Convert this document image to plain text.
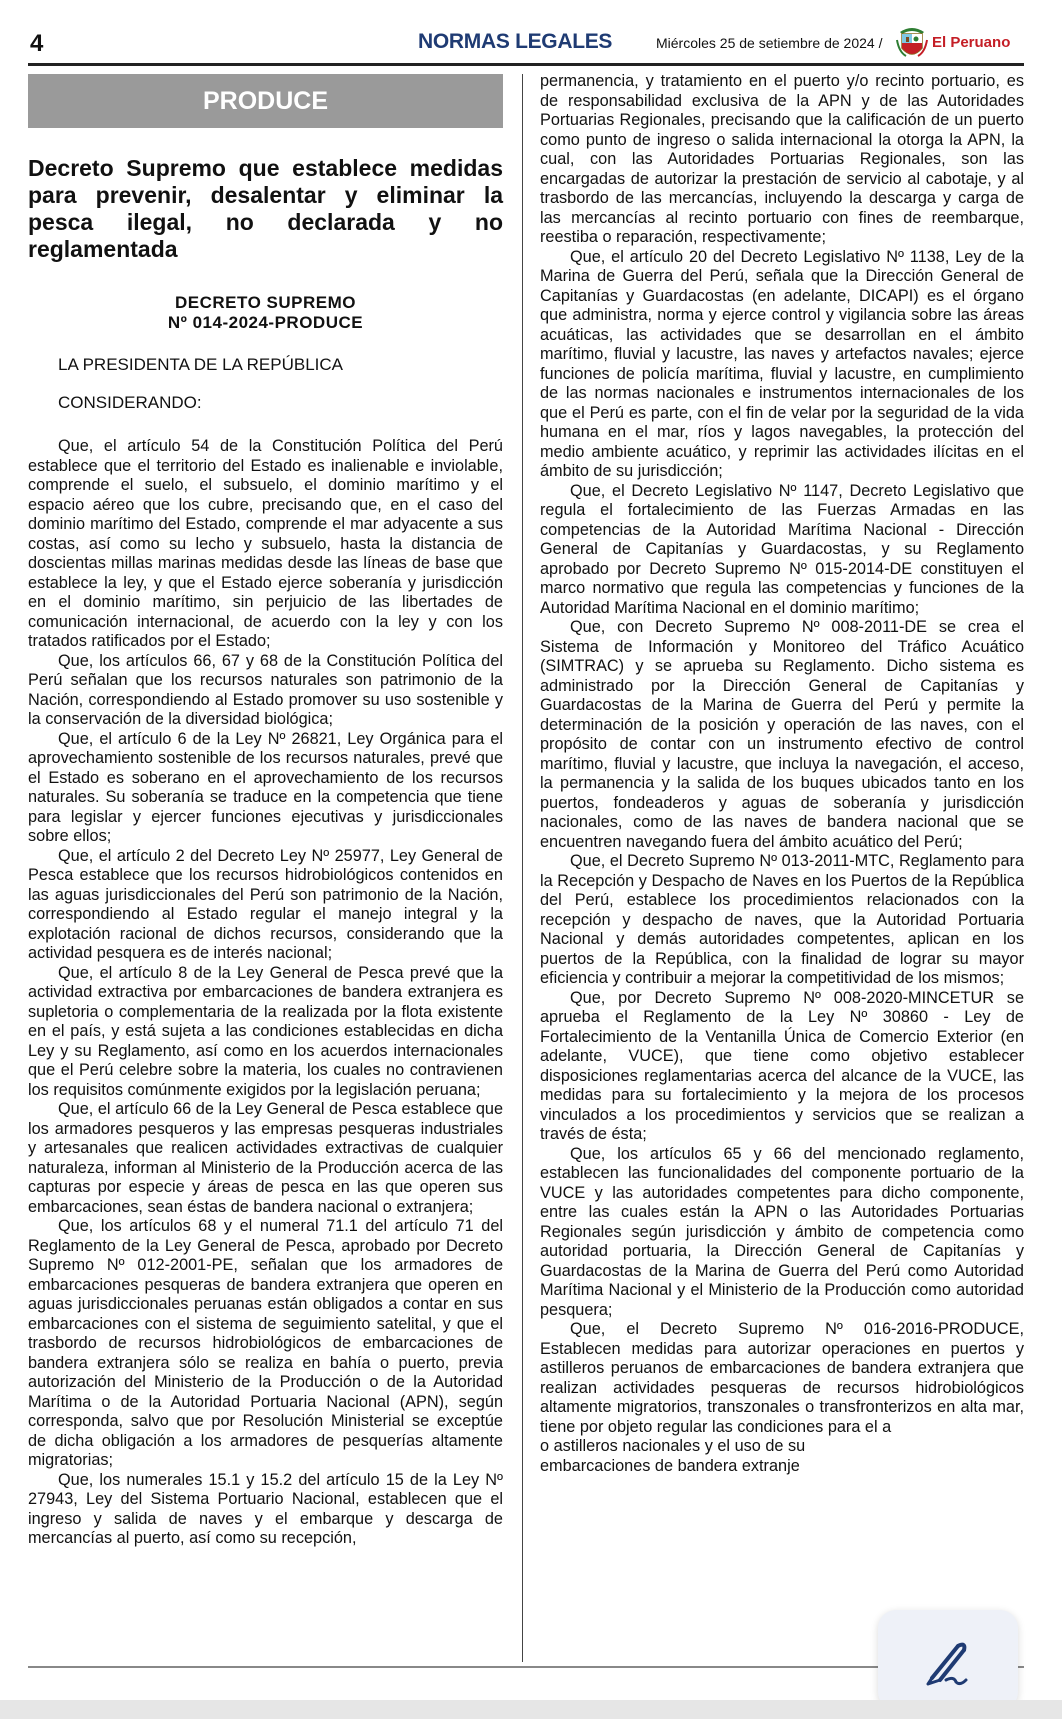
4	NORMAS LEGALES	Miércoles 25 de setiembre de 2024 /	El Peruano
PRODUCE
Decreto Supremo que establece medidas para prevenir, desalentar y eliminar la pesca ilegal, no declarada y no reglamentada
DECRETO SUPREMO
Nº 014-2024-PRODUCE
LA PRESIDENTA DE LA REPÚBLICA
CONSIDERANDO:

Que, el artículo 54 de la Constitución Política del Perú establece que el territorio del Estado es inalienable e inviolable, comprende el suelo, el subsuelo, el dominio marítimo y el espacio aéreo que los cubre, precisando que, en el caso del dominio marítimo del Estado, comprende el mar adyacente a sus costas, así como su lecho y subsuelo, hasta la distancia de doscientas millas marinas medidas desde las líneas de base que establece la ley, y que el Estado ejerce soberanía y jurisdicción en el dominio marítimo, sin perjuicio de las libertades de comunicación internacional, de acuerdo con la ley y con los tratados ratificados por el Estado;

Que, los artículos 66, 67 y 68 de la Constitución Política del Perú señalan que los recursos naturales son patrimonio de la Nación, correspondiendo al Estado promover su uso sostenible y la conservación de la diversidad biológica;

Que, el artículo 6 de la Ley Nº 26821, Ley Orgánica para el aprovechamiento sostenible de los recursos naturales, prevé que el Estado es soberano en el aprovechamiento de los recursos naturales. Su soberanía se traduce en la competencia que tiene para legislar y ejercer funciones ejecutivas y jurisdiccionales sobre ellos;

Que, el artículo 2 del Decreto Ley Nº 25977, Ley General de Pesca establece que los recursos hidrobiológicos contenidos en las aguas jurisdiccionales del Perú son patrimonio de la Nación, correspondiendo al Estado regular el manejo integral y la explotación racional de dichos recursos, considerando que la actividad pesquera es de interés nacional;

Que, el artículo 8 de la Ley General de Pesca prevé que la actividad extractiva por embarcaciones de bandera extranjera es supletoria o complementaria de la realizada por la flota existente en el país, y está sujeta a las condiciones establecidas en dicha Ley y su Reglamento, así como en los acuerdos internacionales que el Perú celebre sobre la materia, los cuales no contravienen los requisitos comúnmente exigidos por la legislación peruana;

Que, el artículo 66 de la Ley General de Pesca establece que los armadores pesqueros y las empresas pesqueras industriales y artesanales que realicen actividades extractivas de cualquier naturaleza, informan al Ministerio de la Producción acerca de las capturas por especie y áreas de pesca en las que operen sus embarcaciones, sean éstas de bandera nacional o extranjera;

Que, los artículos 68 y el numeral 71.1 del artículo 71 del Reglamento de la Ley General de Pesca, aprobado por Decreto Supremo Nº 012-2001-PE, señalan que los armadores de embarcaciones pesqueras de bandera extranjera que operen en aguas jurisdiccionales peruanas están obligados a contar en sus embarcaciones con el sistema de seguimiento satelital, y que el trasbordo de recursos hidrobiológicos de embarcaciones de bandera extranjera sólo se realiza en bahía o puerto, previa autorización del Ministerio de la Producción o de la Autoridad Marítima o de la Autoridad Portuaria Nacional (APN), según corresponda, salvo que por Resolución Ministerial se exceptúe de dicha obligación a los armadores de pesquerías altamente migratorias;

Que, los numerales 15.1 y 15.2 del artículo 15 de la Ley Nº 27943, Ley del Sistema Portuario Nacional, establecen que el ingreso y salida de naves y el embarque y descarga de mercancías al puerto, así como su recepción,

permanencia, y tratamiento en el puerto y/o recinto portuario, es de responsabilidad exclusiva de la APN y de las Autoridades Portuarias Regionales, precisando que la calificación de un puerto como punto de ingreso o salida internacional la otorga la APN, la cual, con las Autoridades Portuarias Regionales, son las encargadas de autorizar la prestación de servicio al cabotaje, y al trasbordo de las mercancías, incluyendo la descarga y carga de las mercancías al recinto portuario con fines de reembarque, reestiba o reparación, respectivamente;

Que, el artículo 20 del Decreto Legislativo Nº 1138, Ley de la Marina de Guerra del Perú, señala que la Dirección General de Capitanías y Guardacostas (en adelante, DICAPI) es el órgano que administra, norma y ejerce control y vigilancia sobre las áreas acuáticas, las actividades que se desarrollan en el ámbito marítimo, fluvial y lacustre, las naves y artefactos navales; ejerce funciones de policía marítima, fluvial y lacustre, en cumplimiento de las normas nacionales e instrumentos internacionales de los que el Perú es parte, con el fin de velar por la seguridad de la vida humana en el mar, ríos y lagos navegables, la protección del medio ambiente acuático, y reprimir las actividades ilícitas en el ámbito de su jurisdicción;

Que, el Decreto Legislativo Nº 1147, Decreto Legislativo que regula el fortalecimiento de las Fuerzas Armadas en las competencias de la Autoridad Marítima Nacional - Dirección General de Capitanías y Guardacostas, y su Reglamento aprobado por Decreto Supremo Nº 015-2014-DE constituyen el marco normativo que regula las competencias y funciones de la Autoridad Marítima Nacional en el dominio marítimo;

Que, con Decreto Supremo Nº 008-2011-DE se crea el Sistema de Información y Monitoreo del Tráfico Acuático (SIMTRAC) y se aprueba su Reglamento. Dicho sistema es administrado por la Dirección General de Capitanías y Guardacostas de la Marina de Guerra del Perú y permite la determinación de la posición y operación de las naves, con el propósito de contar con un instrumento efectivo de control marítimo, fluvial y lacustre, que incluya la navegación, el acceso, la permanencia y la salida de los buques ubicados tanto en los puertos, fondeaderos y aguas de soberanía y jurisdicción nacionales, como de las naves de bandera nacional que se encuentren navegando fuera del ámbito acuático del Perú;

Que, el Decreto Supremo Nº 013-2011-MTC, Reglamento para la Recepción y Despacho de Naves en los Puertos de la República del Perú, establece los procedimientos relacionados con la recepción y despacho de naves, que la Autoridad Portuaria Nacional y demás autoridades competentes, aplican en los puertos de la República, con la finalidad de lograr su mayor eficiencia y contribuir a mejorar la competitividad de los mismos;

Que, por Decreto Supremo Nº 008-2020-MINCETUR se aprueba el Reglamento de la Ley Nº 30860 - Ley de Fortalecimiento de la Ventanilla Única de Comercio Exterior (en adelante, VUCE), que tiene como objetivo establecer disposiciones reglamentarias acerca del alcance de la VUCE, las medidas para su fortalecimiento y la mejora de los procesos vinculados a los procedimientos y servicios que se realizan a través de ésta;

Que, los artículos 65 y 66 del mencionado reglamento, establecen las funcionalidades del componente portuario de la VUCE y las autoridades competentes para dicho componente, entre las cuales están la APN o las Autoridades Portuarias Regionales según jurisdicción y ámbito de competencia como autoridad portuaria, la Dirección General de Capitanías y Guardacostas de la Marina de Guerra del Perú como Autoridad Marítima Nacional y el Ministerio de la Producción como autoridad pesquera;

Que, el Decreto Supremo Nº 016-2016-PRODUCE, Establecen medidas para autorizar operaciones en puertos y astilleros peruanos de embarcaciones de bandera extranjera que realizan actividades pesqueras de recursos hidrobiológicos altamente migratorios, transzonales o transfronterizos en alta mar, tiene por objeto regular las condiciones para el a

o astilleros nacionales y el uso de su

embarcaciones de bandera extranje
